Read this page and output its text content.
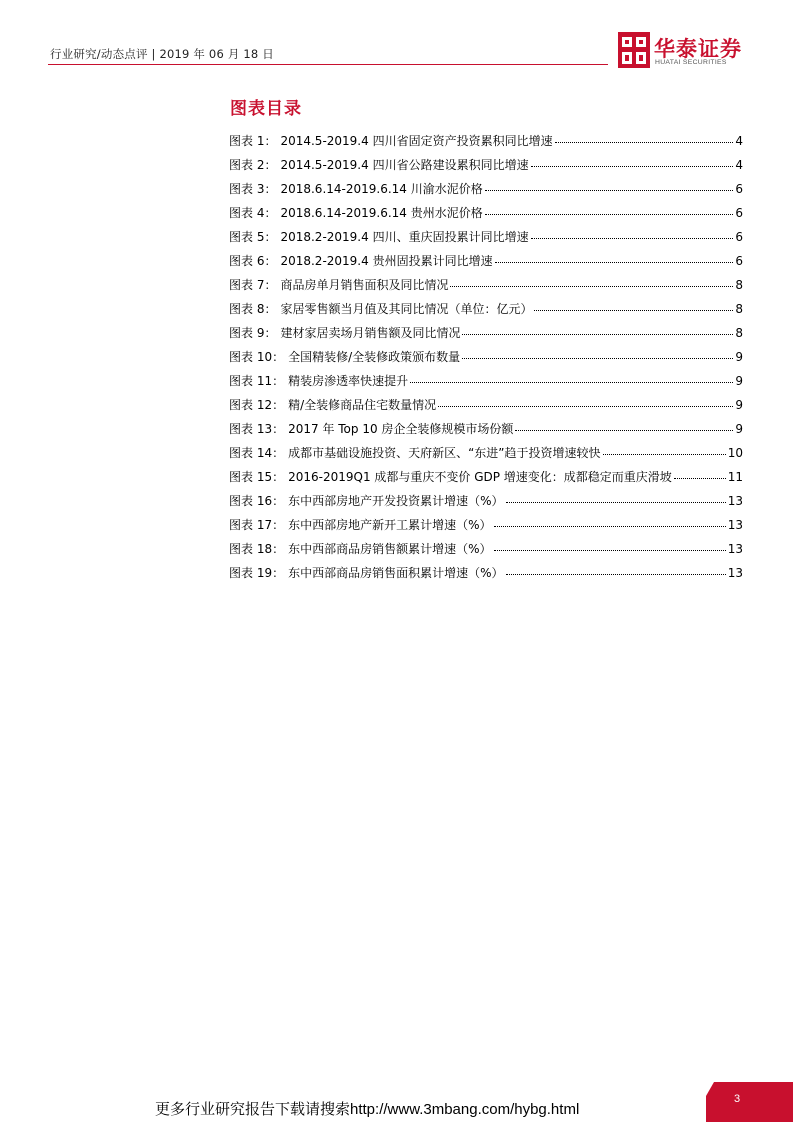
行业研究/动态点评 | 2019 年 06 月 18 日	华泰证券
HUATAI SECURITIES
图表目录
图表 1： 2014.5-2019.4 四川省固定资产投资累积同比增速	4
图表 2： 2014.5-2019.4 四川省公路建设累积同比增速	4
图表 3： 2018.6.14-2019.6.14 川渝水泥价格	6
图表 4： 2018.6.14-2019.6.14 贵州水泥价格	6
图表 5： 2018.2-2019.4 四川、重庆固投累计同比增速	6
图表 6： 2018.2-2019.4 贵州固投累计同比增速	6
图表 7： 商品房单月销售面积及同比情况	8
图表 8： 家居零售额当月值及其同比情况（单位：亿元）	8
图表 9： 建材家居卖场月销售额及同比情况	8
图表 10： 全国精装修/全装修政策颁布数量	9
图表 11： 精装房渗透率快速提升	9
图表 12： 精/全装修商品住宅数量情况	9
图表 13： 2017 年 Top 10 房企全装修规模市场份额	9
图表 14： 成都市基础设施投资、天府新区、“东进”趋于投资增速较快	10
图表 15： 2016-2019Q1 成都与重庆不变价 GDP 增速变化：成都稳定而重庆滑坡	11
图表 16： 东中西部房地产开发投资累计增速（%）	13
图表 17： 东中西部房地产新开工累计增速（%）	13
图表 18： 东中西部商品房销售额累计增速（%）	13
图表 19： 东中西部商品房销售面积累计增速（%）	13
更多行业研究报告下载请搜索http://www.3mbang.com/hybg.html
3
